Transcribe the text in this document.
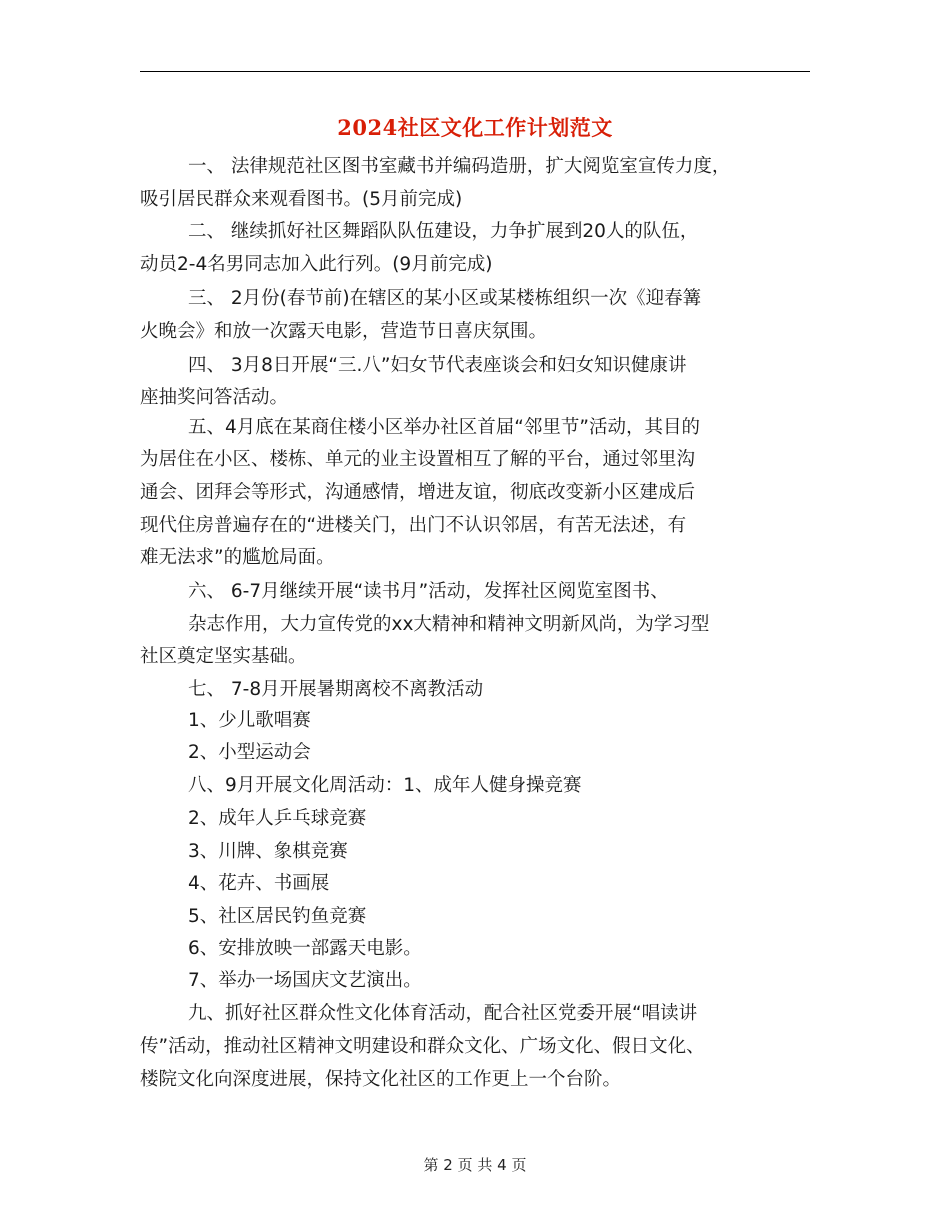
2024社区文化工作计划范文
一、 法律规范社区图书室藏书并编码造册，扩大阅览室宣传力度，
吸引居民群众来观看图书。(5月前完成)
二、 继续抓好社区舞蹈队队伍建设，力争扩展到20人的队伍，
动员2-4名男同志加入此行列。(9月前完成)
三、 2月份(春节前)在辖区的某小区或某楼栋组织一次《迎春篝
火晚会》和放一次露天电影，营造节日喜庆氛围。
四、 3月8日开展“三.八”妇女节代表座谈会和妇女知识健康讲
座抽奖问答活动。
五、4月底在某商住楼小区举办社区首届“邻里节”活动，其目的
为居住在小区、楼栋、单元的业主设置相互了解的平台，通过邻里沟
通会、团拜会等形式，沟通感情，增进友谊，彻底改变新小区建成后
现代住房普遍存在的“进楼关门，出门不认识邻居，有苦无法述，有
难无法求”的尴尬局面。
六、 6-7月继续开展“读书月”活动，发挥社区阅览室图书、
杂志作用，大力宣传党的xx大精神和精神文明新风尚，为学习型
社区奠定坚实基础。
七、 7-8月开展暑期离校不离教活动
1、少儿歌唱赛
2、小型运动会
八、9月开展文化周活动：1、成年人健身操竞赛
2、成年人乒乓球竞赛
3、川牌、象棋竞赛
4、花卉、书画展
5、社区居民钓鱼竞赛
6、安排放映一部露天电影。
7、举办一场国庆文艺演出。
九、抓好社区群众性文化体育活动，配合社区党委开展“唱读讲
传”活动，推动社区精神文明建设和群众文化、广场文化、假日文化、
楼院文化向深度进展，保持文化社区的工作更上一个台阶。
第 2 页 共 4 页
